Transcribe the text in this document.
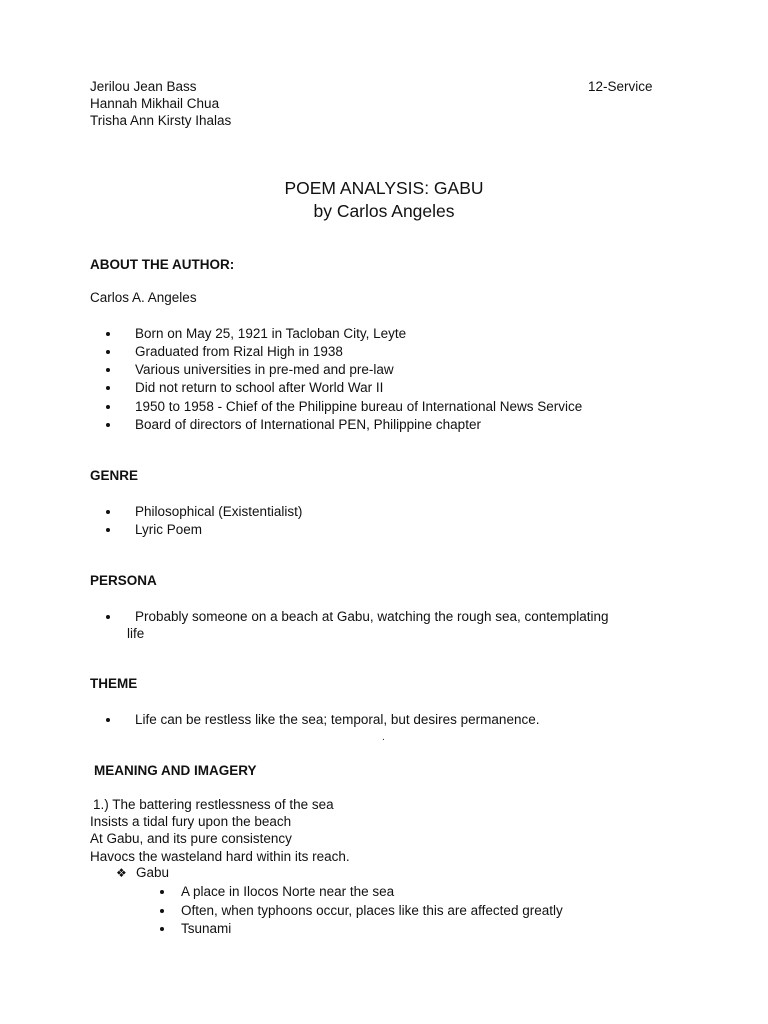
Jerilou Jean Bass	12-Service
Hannah Mikhail Chua
Trisha Ann Kirsty Ihalas
POEM ANALYSIS: GABU
by Carlos Angeles
ABOUT THE AUTHOR:
Carlos A. Angeles
Born on May 25, 1921 in Tacloban City, Leyte
Graduated from Rizal High in 1938
Various universities in pre-med and pre-law
Did not return to school after World War II
1950 to 1958 - Chief of the Philippine bureau of International News Service
Board of directors of International PEN, Philippine chapter
GENRE
Philosophical (Existentialist)
Lyric Poem
PERSONA
Probably someone on a beach at Gabu, watching the rough sea, contemplating
life
THEME
Life can be restless like the sea; temporal, but desires permanence.
.
MEANING AND IMAGERY
1.) The battering restlessness of the sea
Insists a tidal fury upon the beach
At Gabu, and its pure consistency
Havocs the wasteland hard within its reach.
❖ Gabu
A place in Ilocos Norte near the sea
Often, when typhoons occur, places like this are affected greatly
Tsunami
